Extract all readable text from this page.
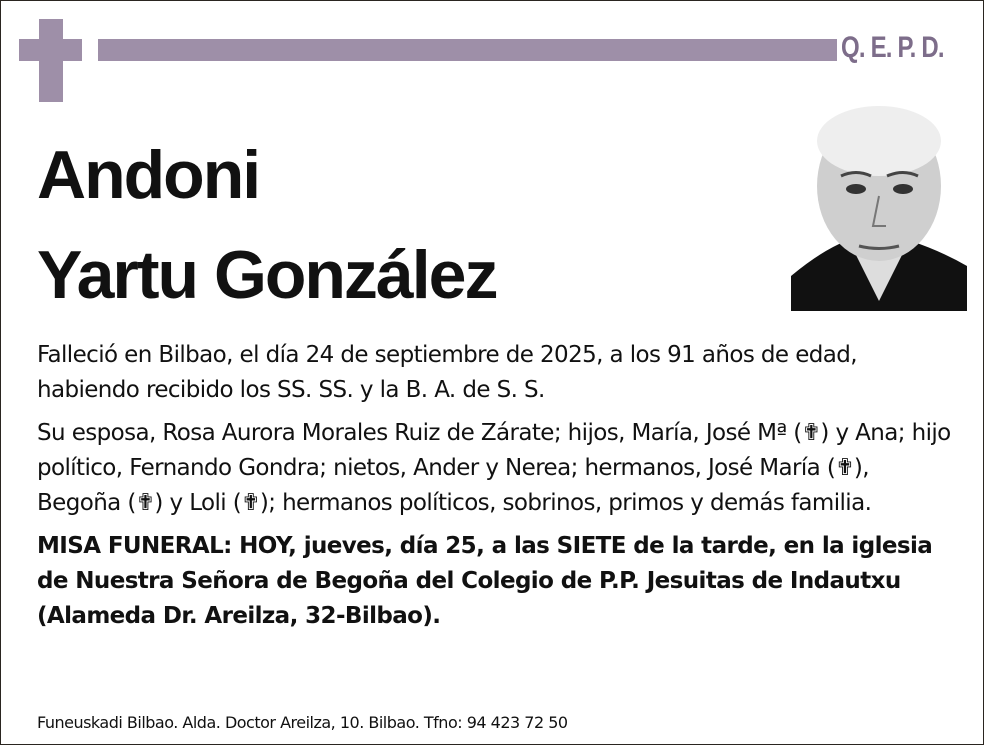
Q. E. P. D.
Andoni
Yartu González

Falleció en Bilbao, el día 24 de septiembre de 2025, a los 91 años de edad, habiendo recibido los SS. SS. y la B. A. de S. S.

Su esposa, Rosa Aurora Morales Ruiz de Zárate; hijos, María, José Mª (✟) y Ana; hijo político, Fernando Gondra; nietos, Ander y Nerea; hermanos, José María (✟), Begoña (✟) y Loli (✟); hermanos políticos, sobrinos, primos y demás familia.

MISA FUNERAL: HOY, jueves, día 25, a las SIETE de la tarde, en la iglesia de Nuestra Señora de Begoña del Colegio de P.P. Jesuitas de Indautxu (Alameda Dr. Areilza, 32-Bilbao).

Funeuskadi Bilbao. Alda. Doctor Areilza, 10. Bilbao. Tfno: 94 423 72 50
